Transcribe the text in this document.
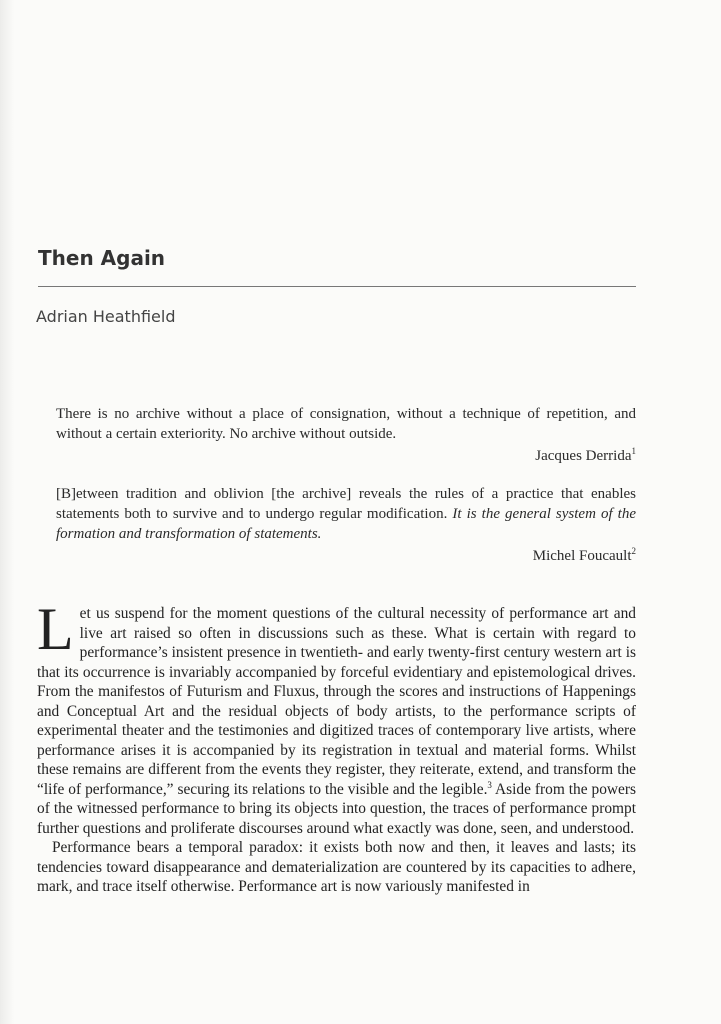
Then Again
Adrian Heathfield

There is no archive without a place of consignation, without a technique of repetition, and without a certain exteriority. No archive without outside.

Jacques Derrida$^1$

[B]etween tradition and oblivion [the archive] reveals the rules of a practice that enables statements both to survive and to undergo regular modification. It is the general system of the formation and transformation of statements.

Michel Foucault$^2$

Let us suspend for the moment questions of the cultural necessity of performance art and live art raised so often in discussions such as these. What is certain with regard to performance’s insistent presence in twentieth- and early twenty-first century western art is that its occurrence is invariably accompanied by forceful evidentiary and epistemological drives. From the manifestos of Futurism and Fluxus, through the scores and instructions of Happenings and Conceptual Art and the residual objects of body artists, to the performance scripts of experimental theater and the testimonies and digitized traces of contemporary live artists, where performance arises it is accompanied by its registration in textual and material forms. Whilst these remains are different from the events they register, they reiterate, extend, and transform the “life of performance,” securing its relations to the visible and the legible.$^3$ Aside from the powers of the witnessed performance to bring its objects into question, the traces of performance prompt further questions and proliferate discourses around what exactly was done, seen, and understood.

Performance bears a temporal paradox: it exists both now and then, it leaves and lasts; its tendencies toward disappearance and dematerialization are countered by its capacities to adhere, mark, and trace itself otherwise. Performance art is now variously manifested in
